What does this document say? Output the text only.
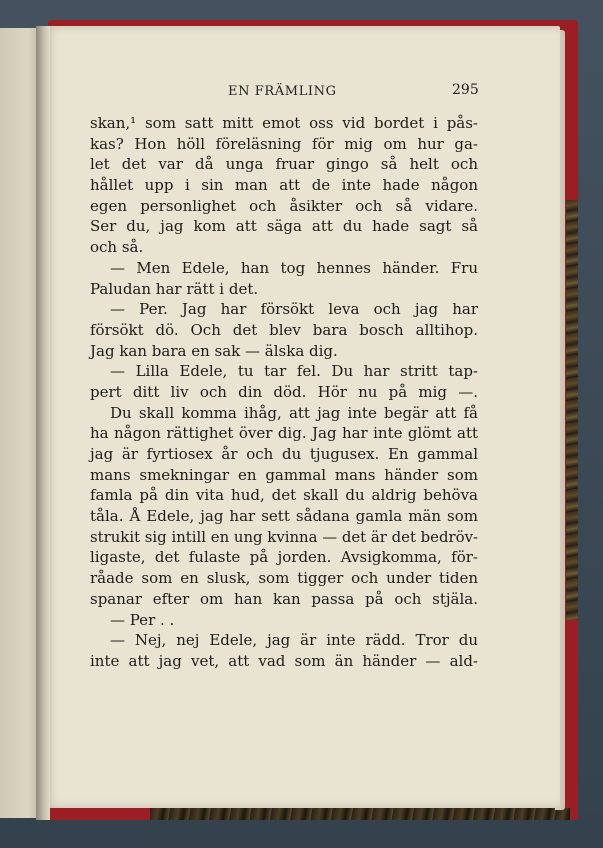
EN FRÄMLING	295
skan,¹ som satt mitt emot oss vid bordet i pås-
kas? Hon höll föreläsning för mig om hur ga-
let det var då unga fruar gingo så helt och
hållet upp i sin man att de inte hade någon
egen personlighet och åsikter och så vidare.
Ser du, jag kom att säga att du hade sagt så
och så.
— Men Edele, han tog hennes händer. Fru
Paludan har rätt i det.
— Per. Jag har försökt leva och jag har
försökt dö. Och det blev bara bosch alltihop.
Jag kan bara en sak — älska dig.
— Lilla Edele, tu tar fel. Du har stritt tap-
pert ditt liv och din död. Hör nu på mig —.
Du skall komma ihåg, att jag inte begär att få
ha någon rättighet över dig. Jag har inte glömt att
jag är fyrtiosex år och du tjugusex. En gammal
mans smekningar en gammal mans händer som
famla på din vita hud, det skall du aldrig behöva
tåla. Å Edele, jag har sett sådana gamla män som
strukit sig intill en ung kvinna — det är det bedröv-
ligaste, det fulaste på jorden. Avsigkomma, för-
råade som en slusk, som tigger och under tiden
spanar efter om han kan passa på och stjäla.
— Per . .
— Nej, nej Edele, jag är inte rädd. Tror du
inte att jag vet, att vad som än händer — ald-
